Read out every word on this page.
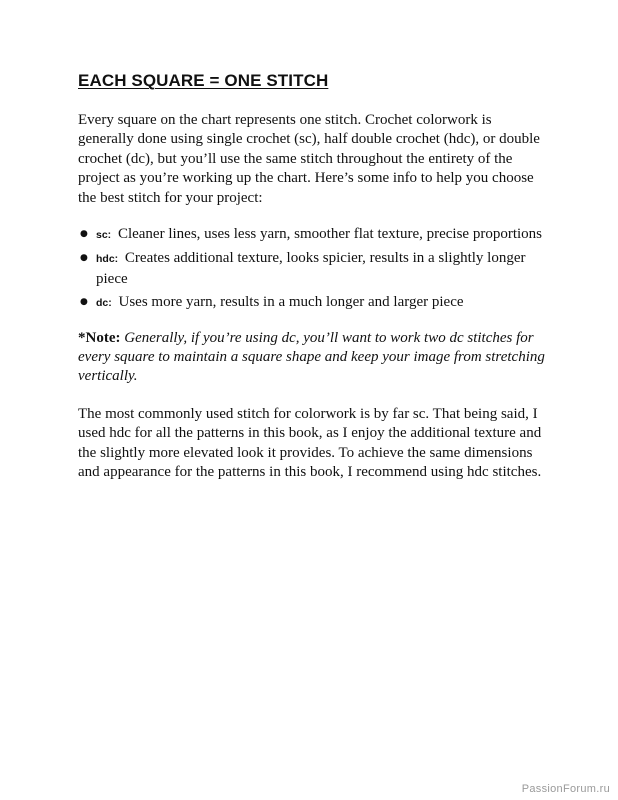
EACH SQUARE = ONE STITCH

Every square on the chart represents one stitch. Crochet colorwork is generally done using single crochet (sc), half double crochet (hdc), or double crochet (dc), but you’ll use the same stitch throughout the entirety of the project as you’re working up the chart. Here’s some info to help you choose the best stitch for your project:

● sc: Cleaner lines, uses less yarn, smoother flat texture, precise proportions
● hdc: Creates additional texture, looks spicier, results in a slightly longer piece
● dc: Uses more yarn, results in a much longer and larger piece

*Note: Generally, if you’re using dc, you’ll want to work two dc stitches for every square to maintain a square shape and keep your image from stretching vertically.

The most commonly used stitch for colorwork is by far sc. That being said, I used hdc for all the patterns in this book, as I enjoy the additional texture and the slightly more elevated look it provides. To achieve the same dimensions and appearance for the patterns in this book, I recommend using hdc stitches.

PassionForum.ru
